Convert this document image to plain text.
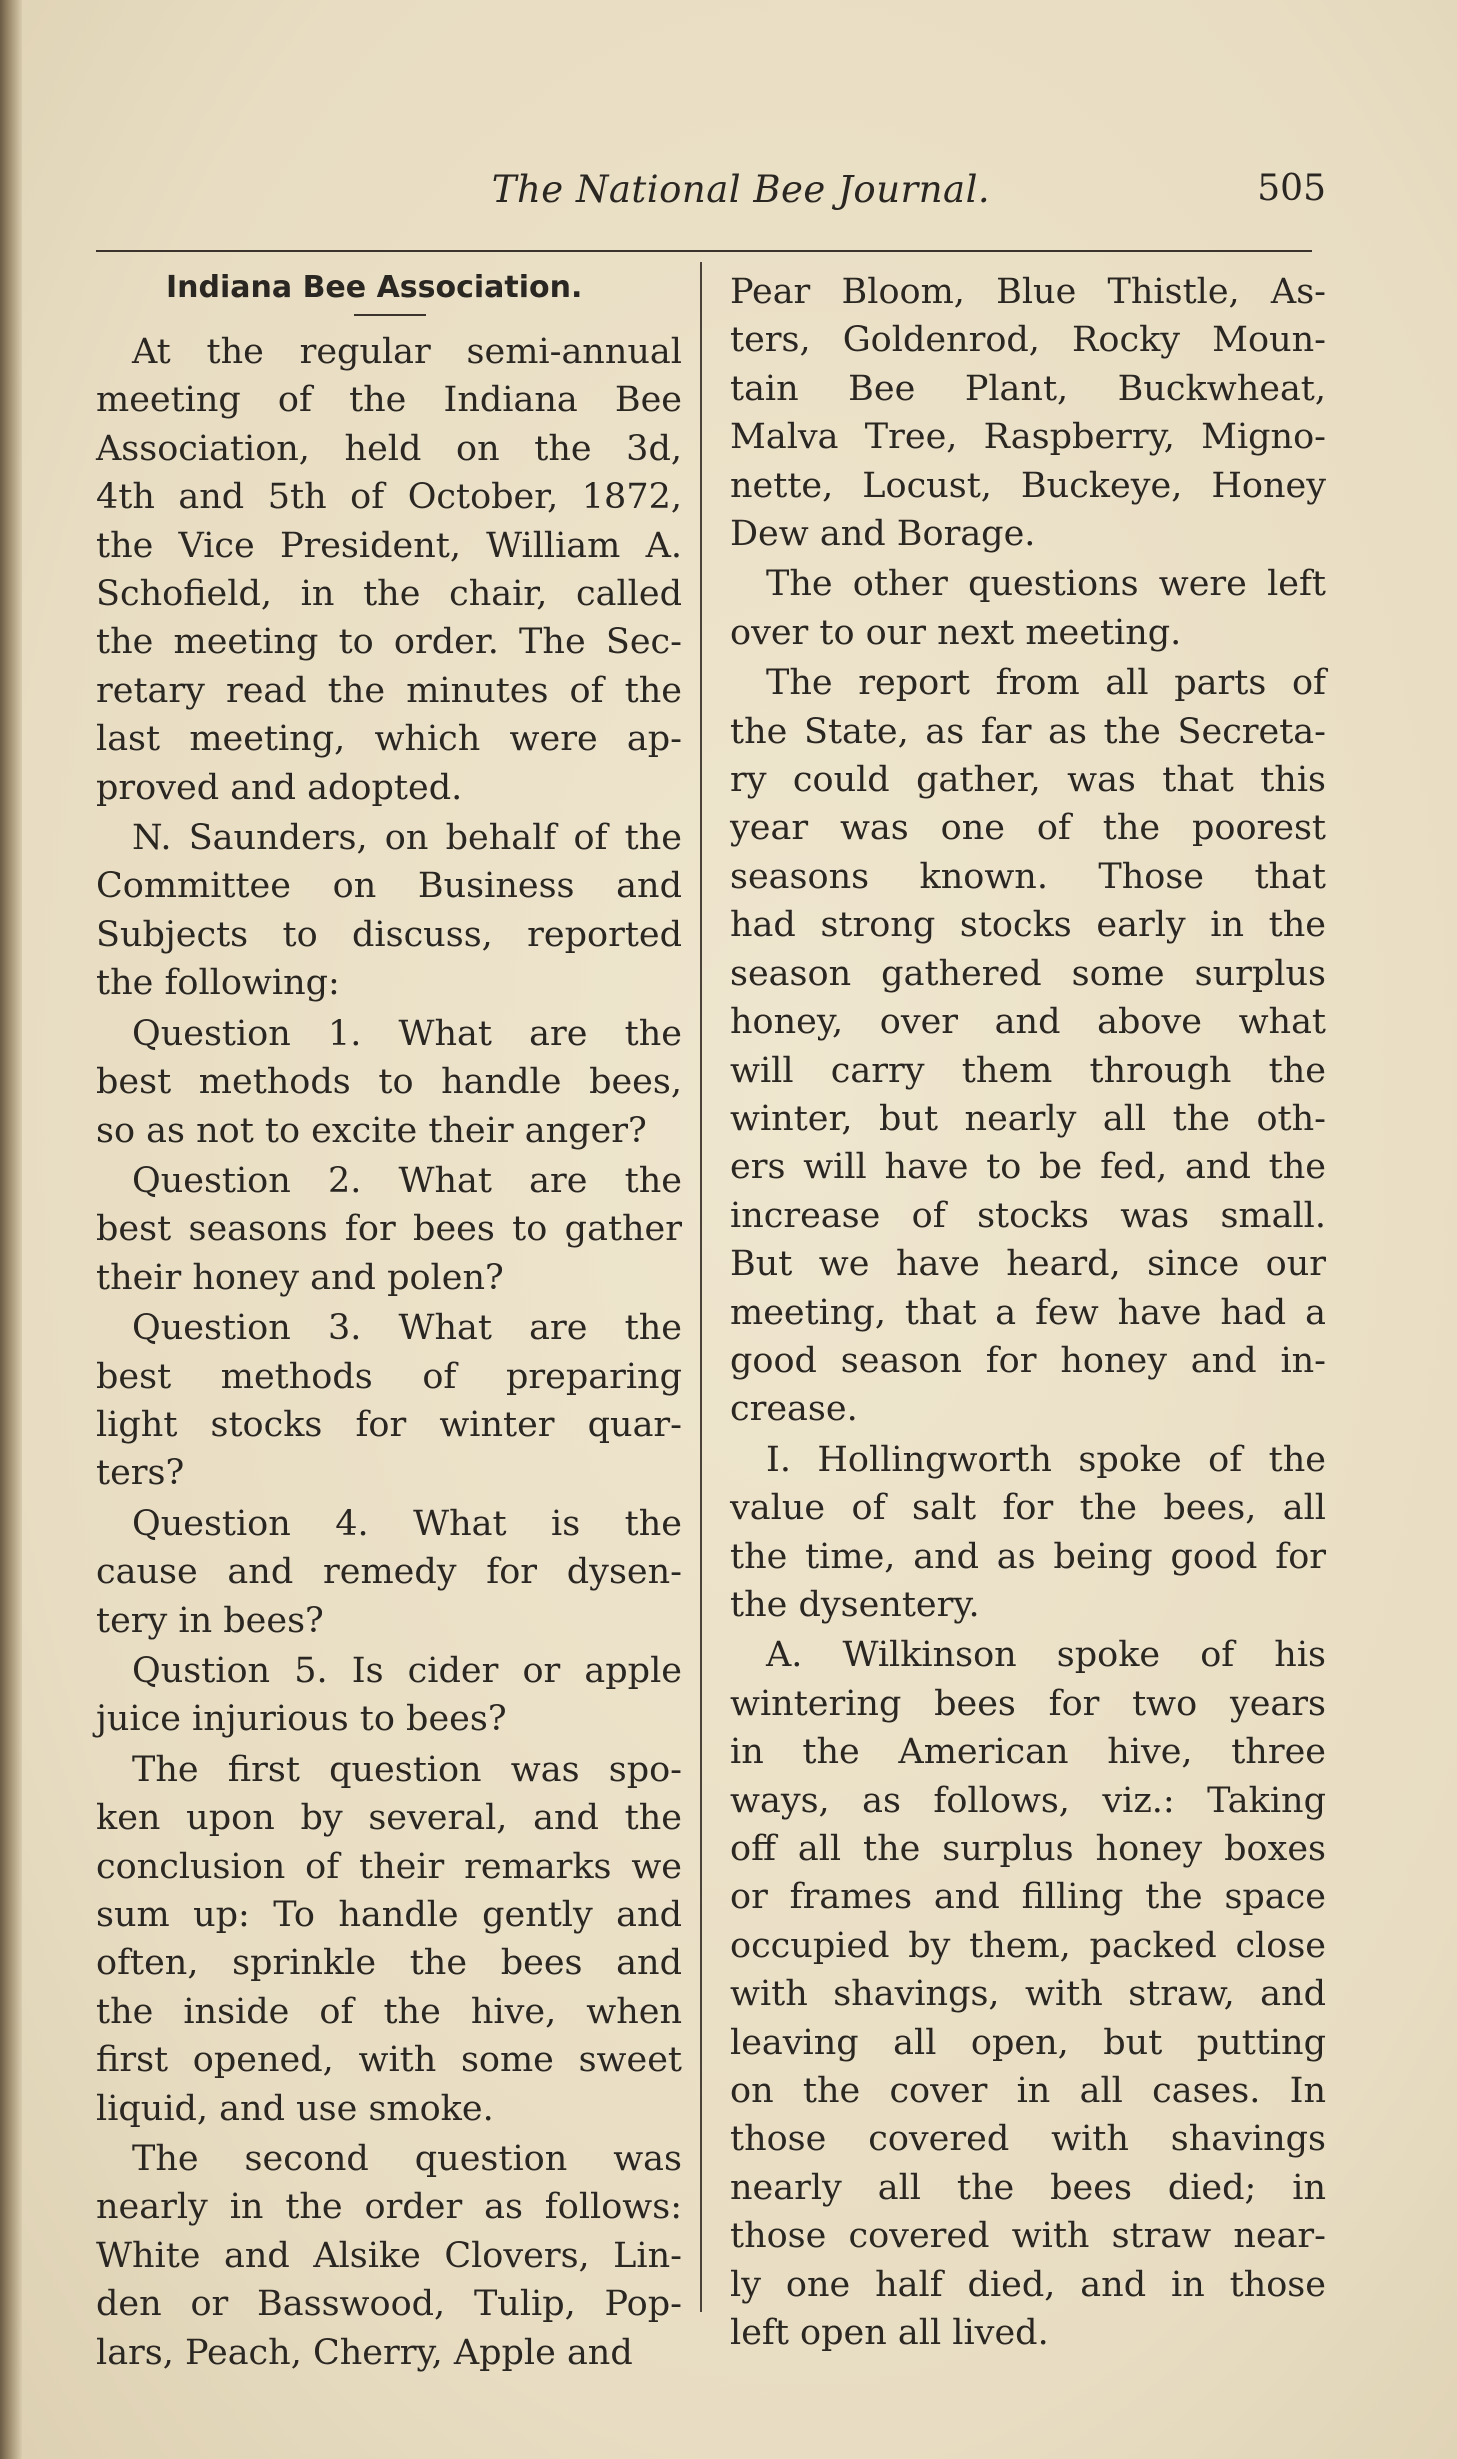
The National Bee Journal.	505
Indiana Bee Association.
At the regular semi-annual
meeting of the Indiana Bee
Association, held on the 3d,
4th and 5th of October, 1872,
the Vice President, William A.
Schofield, in the chair, called
the meeting to order. The Sec-
retary read the minutes of the
last meeting, which were ap-
proved and adopted.
N. Saunders, on behalf of the
Committee on Business and
Subjects to discuss, reported
the following:
Question 1. What are the
best methods to handle bees,
so as not to excite their anger?
Question 2. What are the
best seasons for bees to gather
their honey and polen?
Question 3. What are the
best methods of preparing
light stocks for winter quar-
ters?
Question 4. What is the
cause and remedy for dysen-
tery in bees?
Qustion 5. Is cider or apple
juice injurious to bees?
The first question was spo-
ken upon by several, and the
conclusion of their remarks we
sum up: To handle gently and
often, sprinkle the bees and
the inside of the hive, when
first opened, with some sweet
liquid, and use smoke.
The second question was
nearly in the order as follows:
White and Alsike Clovers, Lin-
den or Basswood, Tulip, Pop-
lars, Peach, Cherry, Apple and
Pear Bloom, Blue Thistle, As-
ters, Goldenrod, Rocky Moun-
tain Bee Plant, Buckwheat,
Malva Tree, Raspberry, Migno-
nette, Locust, Buckeye, Honey
Dew and Borage.
The other questions were left
over to our next meeting.
The report from all parts of
the State, as far as the Secreta-
ry could gather, was that this
year was one of the poorest
seasons known. Those that
had strong stocks early in the
season gathered some surplus
honey, over and above what
will carry them through the
winter, but nearly all the oth-
ers will have to be fed, and the
increase of stocks was small.
But we have heard, since our
meeting, that a few have had a
good season for honey and in-
crease.
I. Hollingworth spoke of the
value of salt for the bees, all
the time, and as being good for
the dysentery.
A. Wilkinson spoke of his
wintering bees for two years
in the American hive, three
ways, as follows, viz.: Taking
off all the surplus honey boxes
or frames and filling the space
occupied by them, packed close
with shavings, with straw, and
leaving all open, but putting
on the cover in all cases. In
those covered with shavings
nearly all the bees died; in
those covered with straw near-
ly one half died, and in those
left open all lived.
